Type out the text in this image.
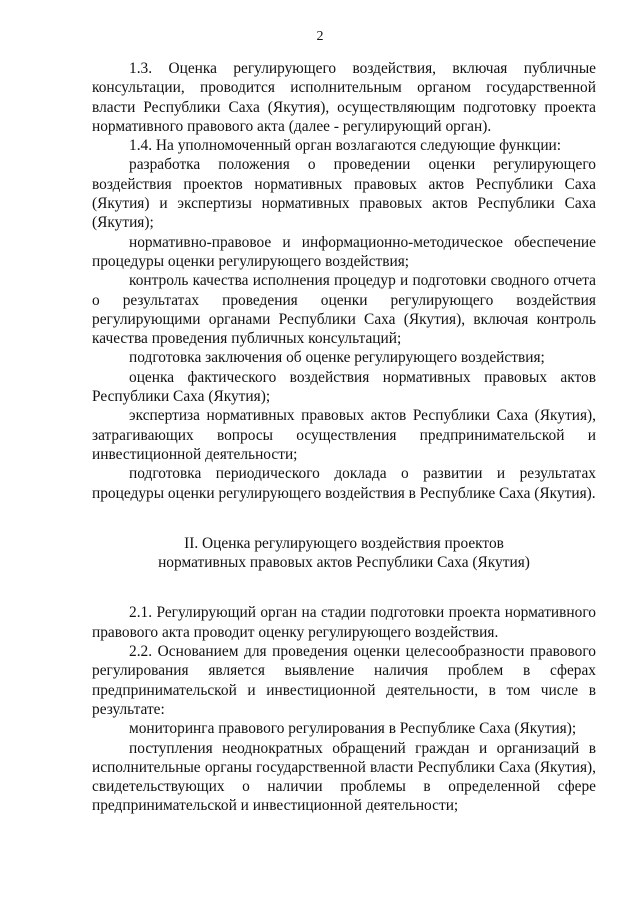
2

1.3. Оценка регулирующего воздействия, включая публичные консультации, проводится исполнительным органом государственной власти Республики Саха (Якутия), осуществляющим подготовку проекта нормативного правового акта (далее - регулирующий орган).

1.4. На уполномоченный орган возлагаются следующие функции:

разработка положения о проведении оценки регулирующего воздействия проектов нормативных правовых актов Республики Саха (Якутия) и экспертизы нормативных правовых актов Республики Саха (Якутия);

нормативно-правовое и информационно-методическое обеспечение процедуры оценки регулирующего воздействия;

контроль качества исполнения процедур и подготовки сводного отчета о результатах проведения оценки регулирующего воздействия регулирующими органами Республики Саха (Якутия), включая контроль качества проведения публичных консультаций;

подготовка заключения об оценке регулирующего воздействия;

оценка фактического воздействия нормативных правовых актов Республики Саха (Якутия);

экспертиза нормативных правовых актов Республики Саха (Якутия), затрагивающих вопросы осуществления предпринимательской и инвестиционной деятельности;

подготовка периодического доклада о развитии и результатах процедуры оценки регулирующего воздействия в Республике Саха (Якутия).

II. Оценка регулирующего воздействия проектов

нормативных правовых актов Республики Саха (Якутия)

2.1. Регулирующий орган на стадии подготовки проекта нормативного правового акта проводит оценку регулирующего воздействия.

2.2. Основанием для проведения оценки целесообразности правового регулирования является выявление наличия проблем в сферах предпринимательской и инвестиционной деятельности, в том числе в результате:

мониторинга правового регулирования в Республике Саха (Якутия);

поступления неоднократных обращений граждан и организаций в исполнительные органы государственной власти Республики Саха (Якутия), свидетельствующих о наличии проблемы в определенной сфере предпринимательской и инвестиционной деятельности;
